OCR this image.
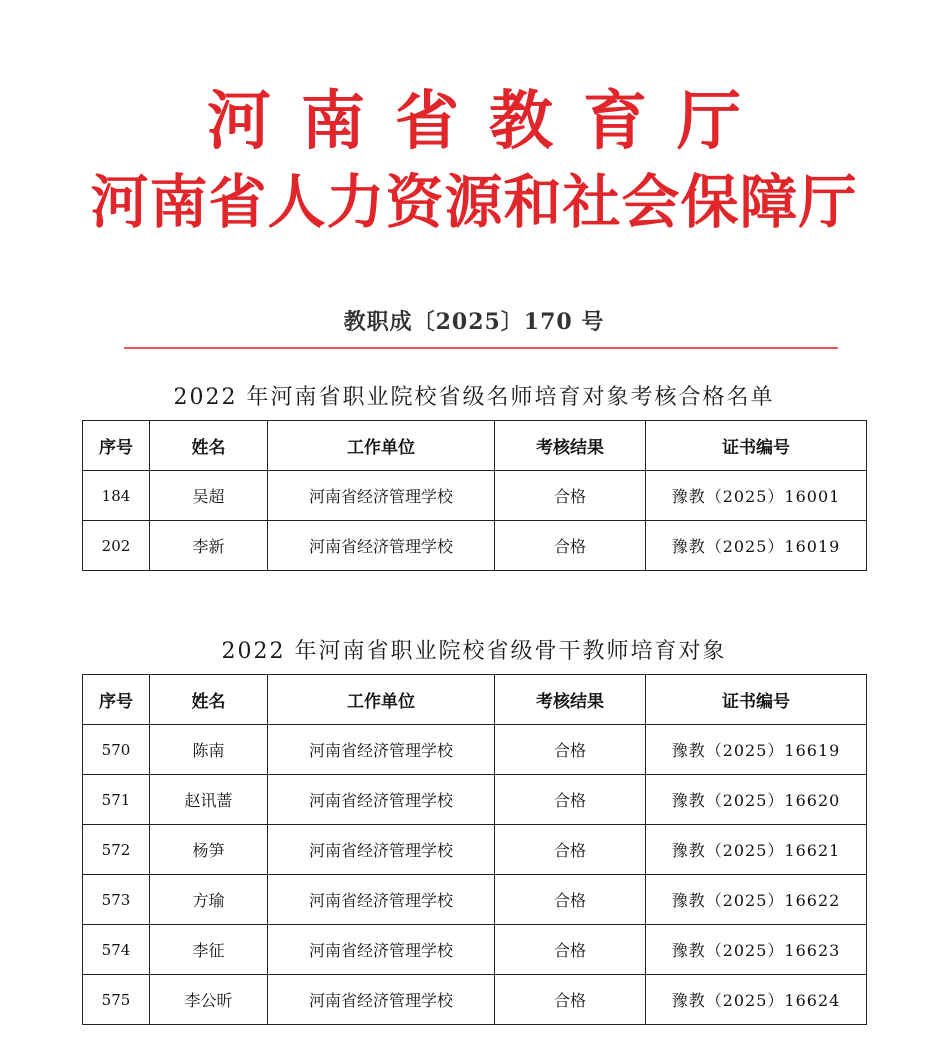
河南省教育厅
河南省人力资源和社会保障厅
教职成〔2025〕170 号
2022 年河南省职业院校省级名师培育对象考核合格名单
序号	姓名	工作单位	考核结果	证书编号
184	吴超	河南省经济管理学校	合格	豫教（2025）16001
202	李新	河南省经济管理学校	合格	豫教（2025）16019
2022 年河南省职业院校省级骨干教师培育对象
序号	姓名	工作单位	考核结果	证书编号
570	陈南	河南省经济管理学校	合格	豫教（2025）16619
571	赵讯蔷	河南省经济管理学校	合格	豫教（2025）16620
572	杨笋	河南省经济管理学校	合格	豫教（2025）16621
573	方瑜	河南省经济管理学校	合格	豫教（2025）16622
574	李征	河南省经济管理学校	合格	豫教（2025）16623
575	李公昕	河南省经济管理学校	合格	豫教（2025）16624
